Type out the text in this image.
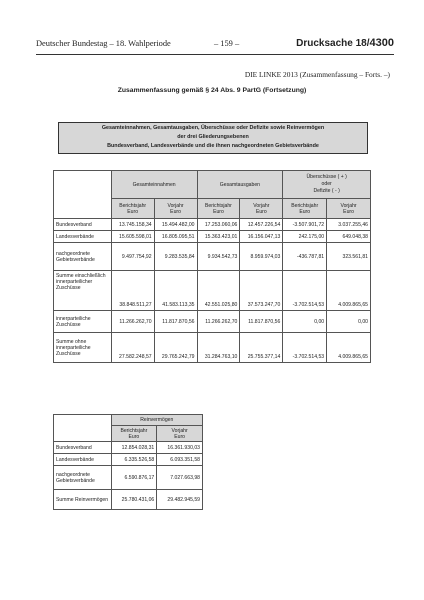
Deutscher Bundestag – 18. Wahlperiode	– 159 –	Drucksache 18/4300
DIE LINKE 2013 (Zusammenfassung – Forts. –)
Zusammenfassung gemäß § 24 Abs. 9 PartG (Fortsetzung)
Gesamteinnahmen, Gesamtausgaben, Überschüsse oder Defizite sowie Reinvermögen
der drei Gliederungsebenen
Bundesverband, Landesverbände und die ihnen nachgeordneten Gebietsverbände
	Gesamteinnahmen		Gesamtausgaben		Überschüsse ( + )
oder
Defizite ( - )	
	Berichtsjahr
Euro	Vorjahr
Euro	Berichtsjahr
Euro	Vorjahr
Euro	Berichtsjahr
Euro	Vorjahr
Euro
Bundesverband	13.745.158,34	15.494.482,00	17.253.060,06	12.457.226,54	-3.507.901,72	3.037.255,46
Landesverbände	15.605.598,01	16.805.095,51	15.363.423,01	16.156.047,13	242.175,00	649.048,38
nachgeordnete Gebietsverbände	9.497.754,92	9.283.535,84	9.934.542,73	8.959.974,03	-436.787,81	323.561,81
Summe einschließlich innerparteilicher Zuschüsse	38.848.511,27	41.583.113,35	42.551.025,80	37.573.247,70	-3.702.514,53	4.009.865,65
innerparteiliche Zuschüsse	11.266.262,70	11.817.870,56	11.266.262,70	11.817.870,56	0,00	0,00
Summe ohne innerparteiliche Zuschüsse	27.582.248,57	29.765.242,79	31.284.763,10	25.755.377,14	-3.702.514,53	4.009.865,65
	Reinvermögen	
	Berichtsjahr
Euro	Vorjahr
Euro
Bundesverband	12.854.028,31	16.361.930,03
Landesverbände	6.335.526,58	6.093.351,58
nachgeordnete Gebietsverbände	6.590.876,17	7.027.663,98
Summe Reinvermögen	25.780.431,06	29.482.945,59
